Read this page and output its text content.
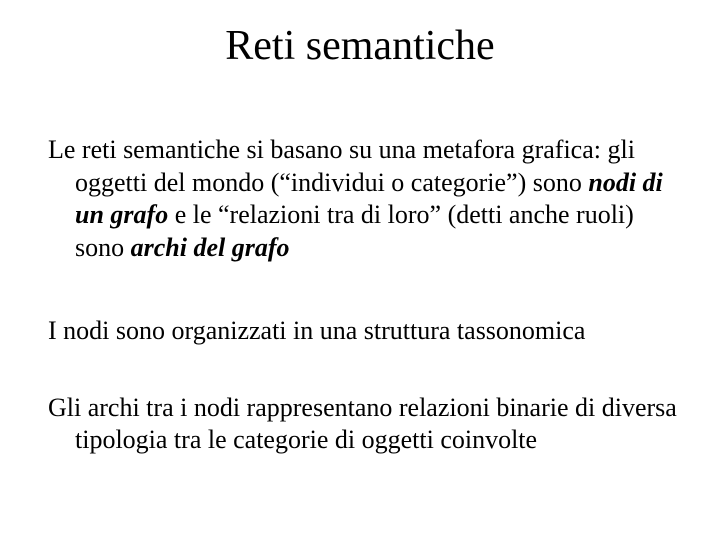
Reti semantiche

Le reti semantiche si basano su una metafora grafica: gli oggetti del mondo (“individui o categorie”) sono nodi di un grafo e le “relazioni tra di loro” (detti anche ruoli) sono archi del grafo

I nodi sono organizzati in una struttura tassonomica

Gli archi tra i nodi rappresentano relazioni binarie di diversa tipologia tra le categorie di oggetti coinvolte
